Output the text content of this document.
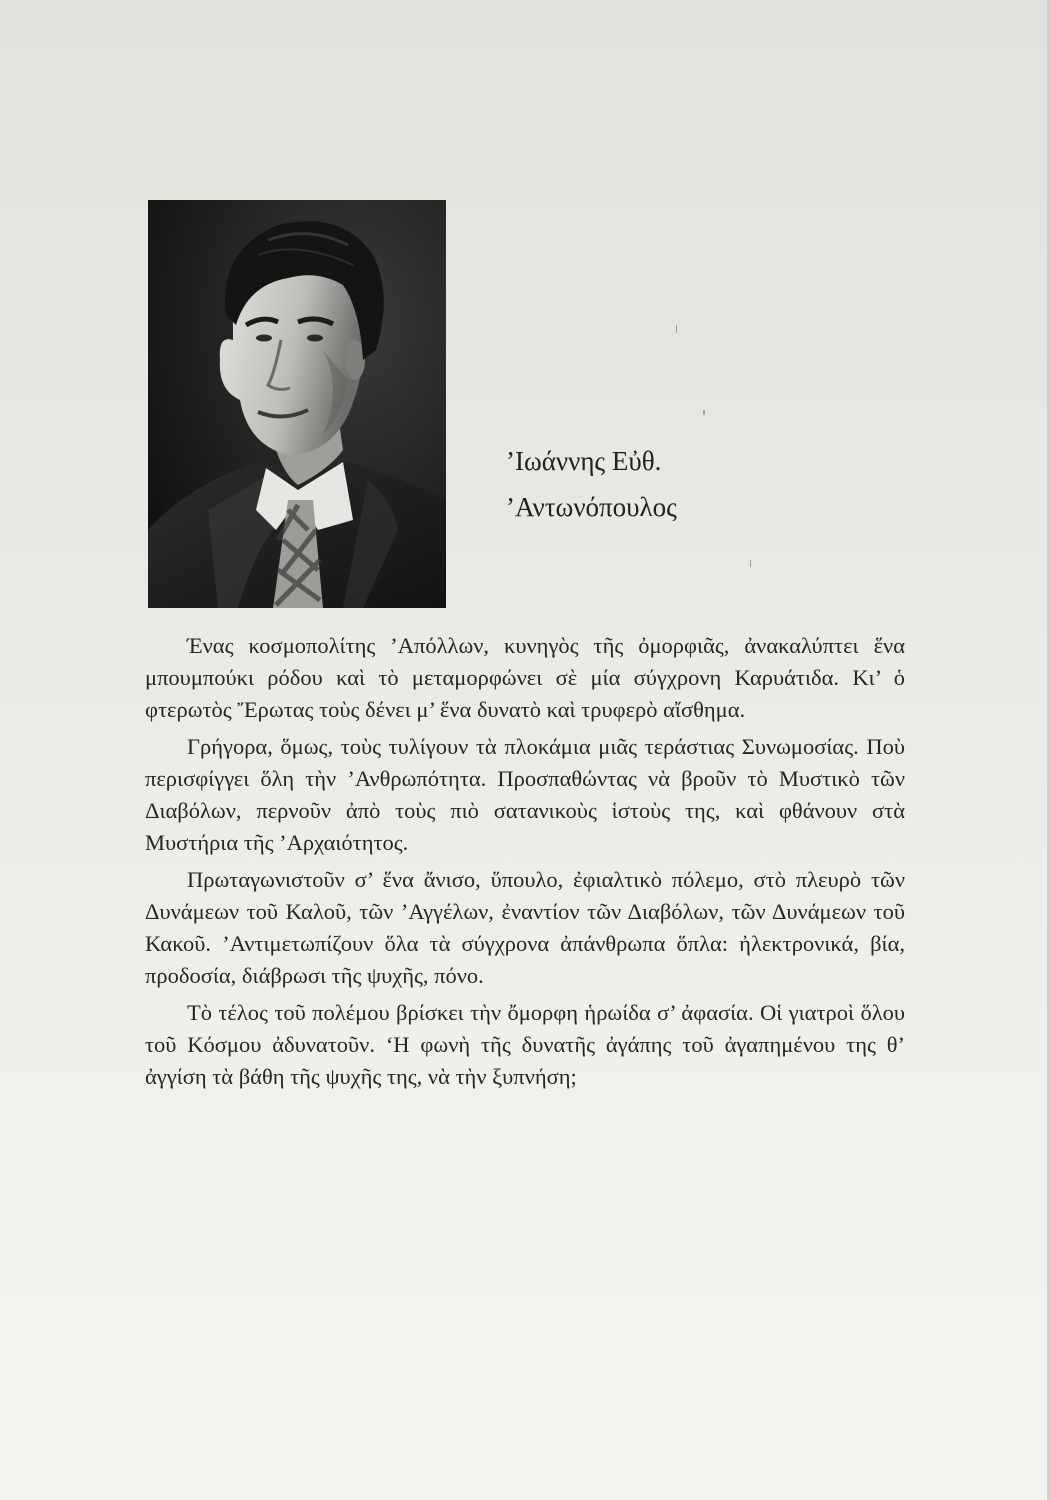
’Ιωάννης Εὐθ.
’Αντωνόπουλος

Ένας κοσμοπολίτης ’Απόλλων, κυνηγὸς τῆς ὀμορφιᾶς, ἀνακαλύπτει ἕνα μπουμπούκι ρόδου καὶ τὸ μεταμορφώνει σὲ μία σύγχρονη Καρυάτιδα. Κι’ ὁ φτερωτὸς Ἔρωτας τοὺς δένει μ’ ἕνα δυνατὸ καὶ τρυφερὸ αἴσθημα.

Γρήγορα, ὅμως, τοὺς τυλίγουν τὰ πλοκάμια μιᾶς τεράστιας Συνωμοσίας. Ποὺ περισφίγγει ὅλη τὴν ’Ανθρωπότητα. Προσπαθώντας νὰ βροῦν τὸ Μυστικὸ τῶν Διαβόλων, περνοῦν ἀπὸ τοὺς πιὸ σατανικοὺς ἱστοὺς της, καὶ φθάνουν στὰ Μυστήρια τῆς ’Αρχαιότητος.

Πρωταγωνιστοῦν σ’ ἕνα ἄνισο, ὕπουλο, ἐφιαλτικὸ πόλεμο, στὸ πλευρὸ τῶν Δυνάμεων τοῦ Καλοῦ, τῶν ’Αγγέλων, ἐναντίον τῶν Διαβόλων, τῶν Δυνάμεων τοῦ Κακοῦ. ’Αντιμετωπίζουν ὅλα τὰ σύγχρονα ἀπάνθρωπα ὅπλα: ἠλεκτρονικά, βία, προδοσία, διάβρωσι τῆς ψυχῆς, πόνο.

Τὸ τέλος τοῦ πολέμου βρίσκει τὴν ὄμορφη ἡρωίδα σ’ ἀφασία. Οἱ γιατροὶ ὅλου τοῦ Κόσμου ἀδυνατοῦν. ‘Η φωνὴ τῆς δυνατῆς ἀγάπης τοῦ ἀγαπημένου της θ’ ἀγγίση τὰ βάθη τῆς ψυχῆς της, νὰ τὴν ξυπνήση;
